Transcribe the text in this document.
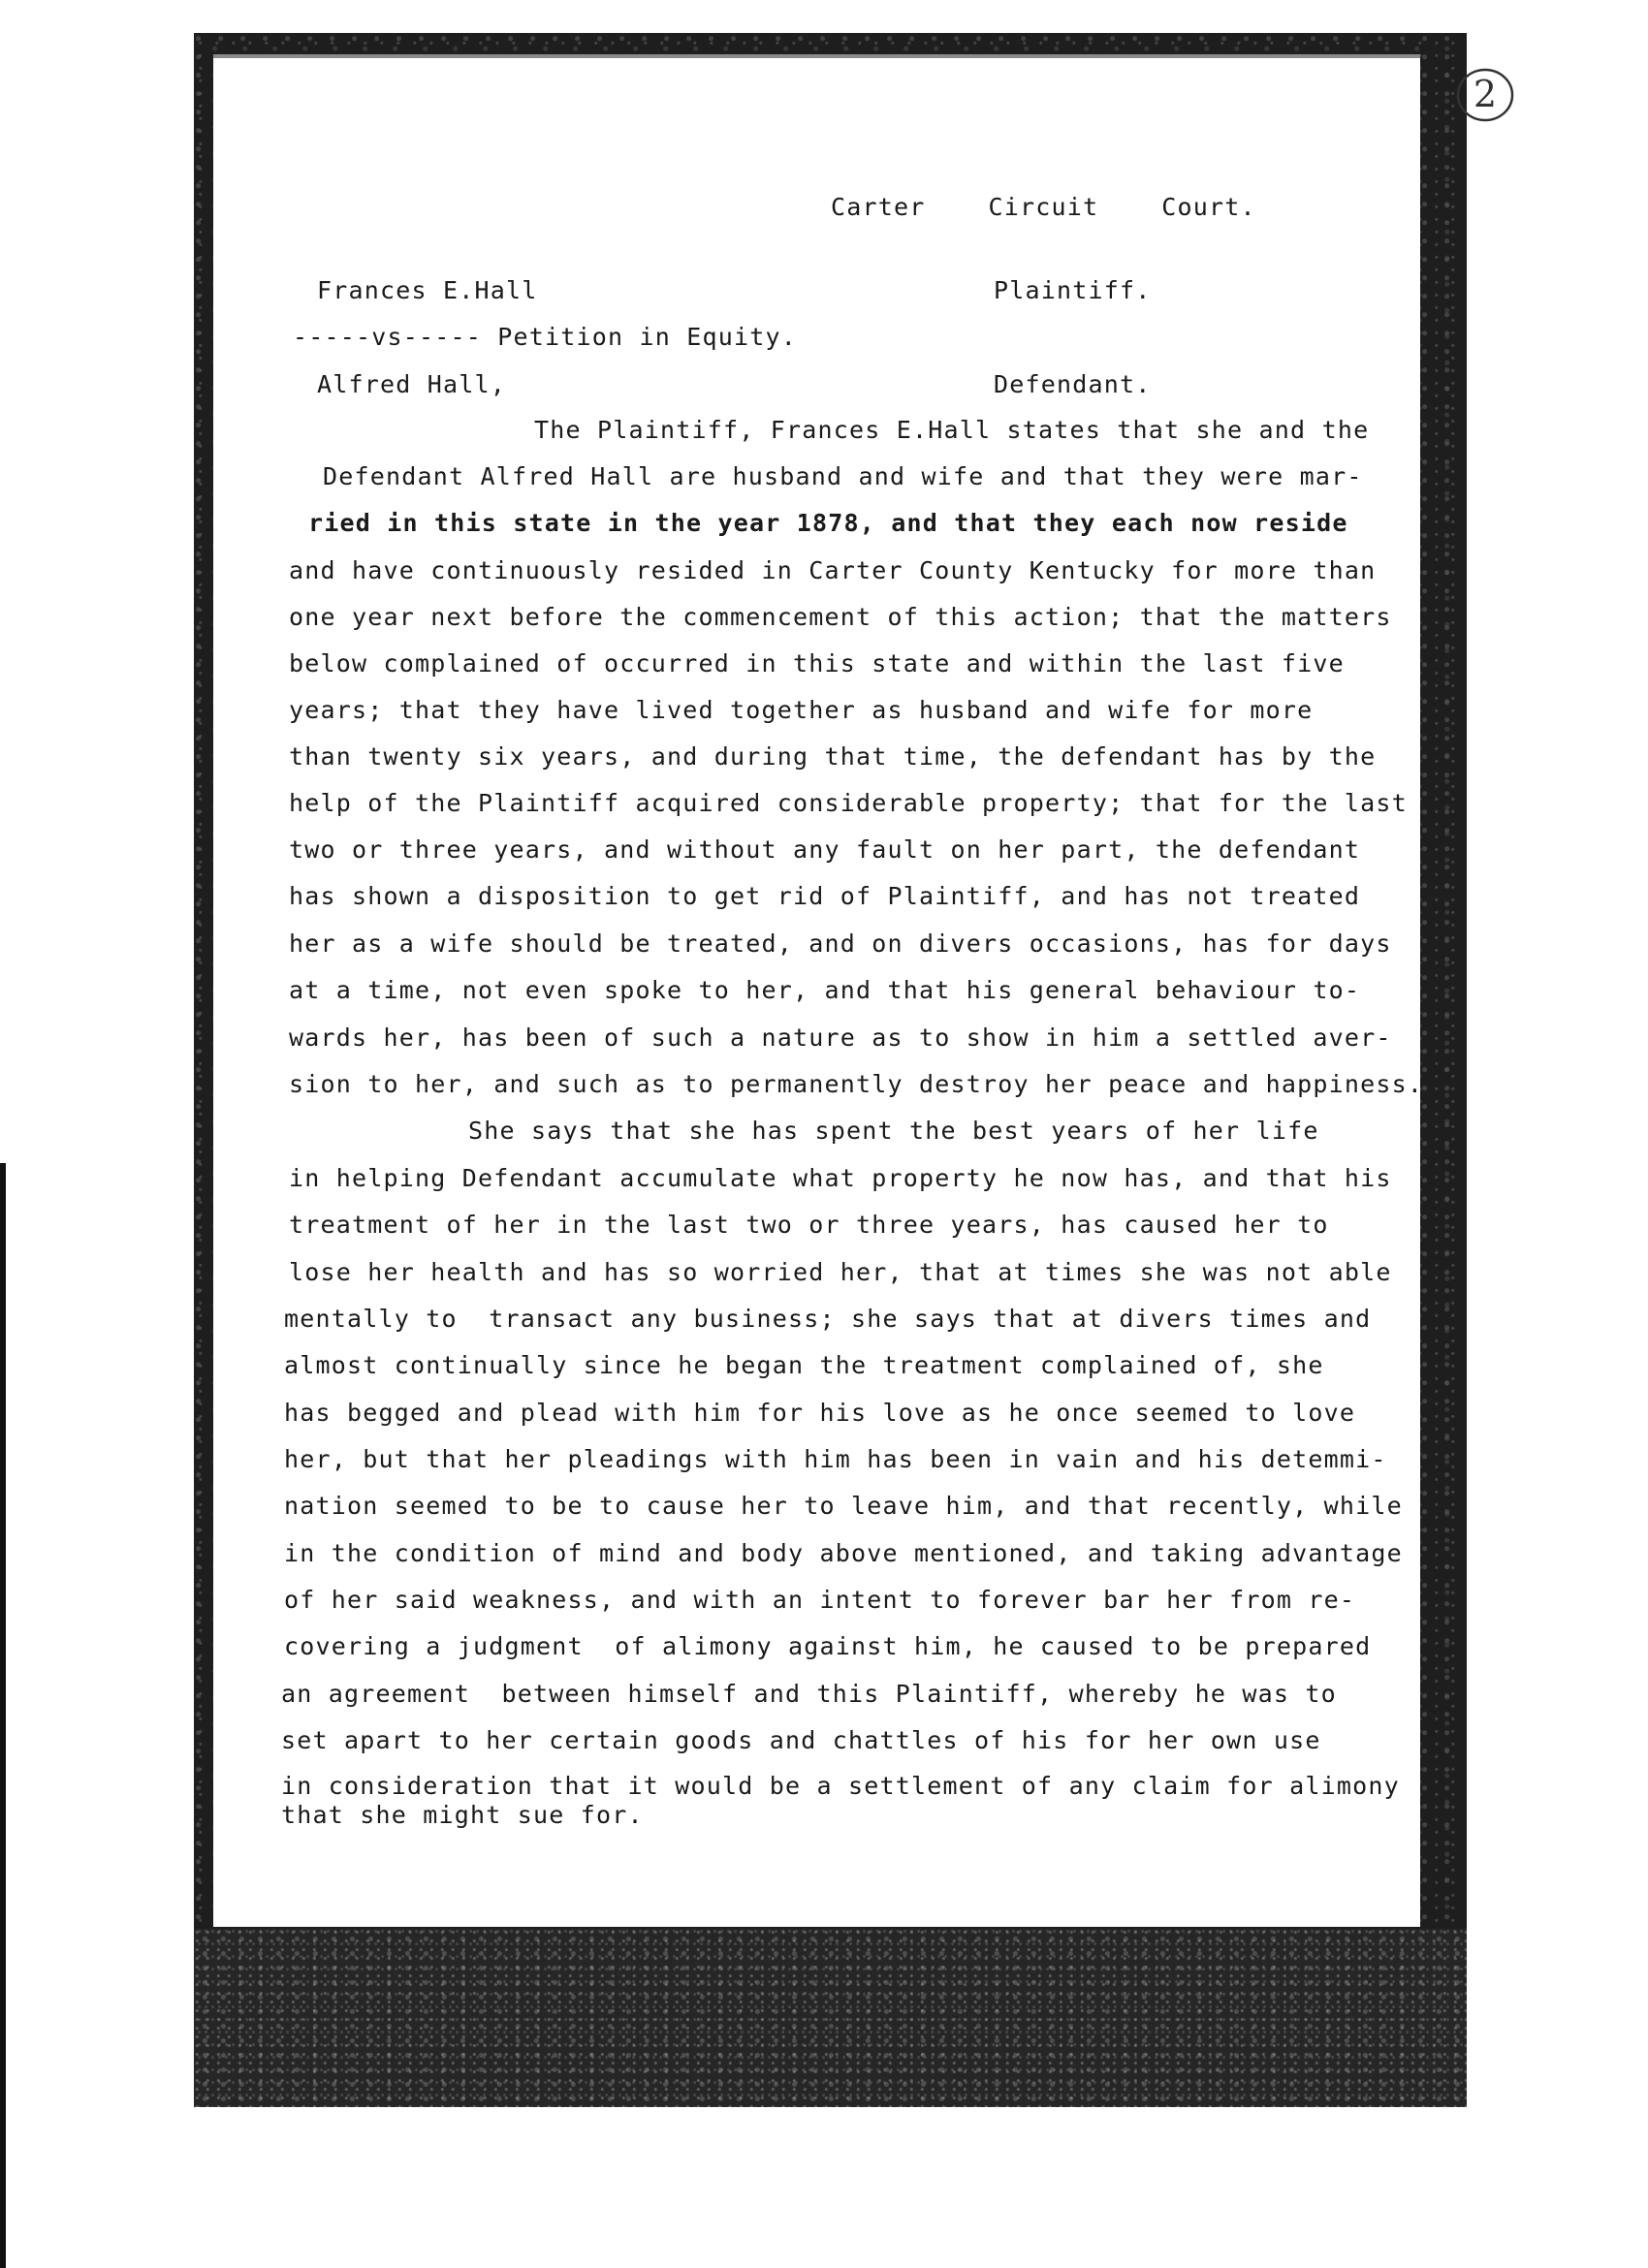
2
Carter    Circuit    Court.
Frances E.Hall	Plaintiff.
-----vs----- Petition in Equity.
Alfred Hall,	Defendant.
The Plaintiff, Frances E.Hall states that she and the
Defendant Alfred Hall are husband and wife and that they were mar-
ried in this state in the year 1878, and that they each now reside
and have continuously resided in Carter County Kentucky for more than
one year next before the commencement of this action; that the matters
below complained of occurred in this state and within the last five
years; that they have lived together as husband and wife for more
than twenty six years, and during that time, the defendant has by the
help of the Plaintiff acquired considerable property; that for the last
two or three years, and without any fault on her part, the defendant
has shown a disposition to get rid of Plaintiff, and has not treated
her as a wife should be treated, and on divers occasions, has for days
at a time, not even spoke to her, and that his general behaviour to-
wards her, has been of such a nature as to show in him a settled aver-
sion to her, and such as to permanently destroy her peace and happiness.
She says that she has spent the best years of her life
in helping Defendant accumulate what property he now has, and that his
treatment of her in the last two or three years, has caused her to
lose her health and has so worried her, that at times she was not able
mentally to  transact any business; she says that at divers times and
almost continually since he began the treatment complained of, she
has begged and plead with him for his love as he once seemed to love
her, but that her pleadings with him has been in vain and his detemmi-
nation seemed to be to cause her to leave him, and that recently, while
in the condition of mind and body above mentioned, and taking advantage
of her said weakness, and with an intent to forever bar her from re-
covering a judgment  of alimony against him, he caused to be prepared
an agreement  between himself and this Plaintiff, whereby he was to
set apart to her certain goods and chattles of his for her own use
in consideration that it would be a settlement of any claim for alimony
that she might sue for.
